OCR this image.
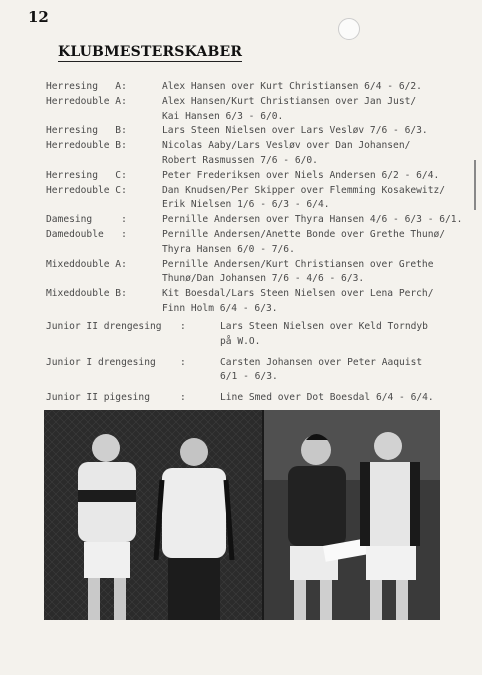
12
KLUBMESTERSKABER
Herresing   A:	Alex Hansen over Kurt Christiansen 6/4 - 6/2.
Herredouble A:	Alex Hansen/Kurt Christiansen over Jan Just/
Kai Hansen 6/3 - 6/0.
Herresing   B:	Lars Steen Nielsen over Lars Vesløv 7/6 - 6/3.
Herredouble B:	Nicolas Aaby/Lars Vesløv over Dan Johansen/
Robert Rasmussen 7/6 - 6/0.
Herresing   C:	Peter Frederiksen over Niels Andersen 6/2 - 6/4.
Herredouble C:	Dan Knudsen/Per Skipper over Flemming Kosakewitz/
Erik Nielsen 1/6 - 6/3 - 6/4.
Damesing     :	Pernille Andersen over Thyra Hansen 4/6 - 6/3 - 6/1.
Damedouble   :	Pernille Andersen/Anette Bonde over Grethe Thunø/
Thyra Hansen 6/0 - 7/6.
Mixeddouble A:	Pernille Andersen/Kurt Christiansen over Grethe
Thunø/Dan Johansen 7/6 - 4/6 - 6/3.
Mixeddouble B:	Kit Boesdal/Lars Steen Nielsen over Lena Perch/
Finn Holm 6/4 - 6/3.
Junior II drengesing	:	Lars Steen Nielsen over Keld Torndyb
på W.O.
Junior I drengesing	:	Carsten Johansen over Peter Aaquist
6/1 - 6/3.
Junior II pigesing	:	Line Smed over Dot Boesdal 6/4 - 6/4.
